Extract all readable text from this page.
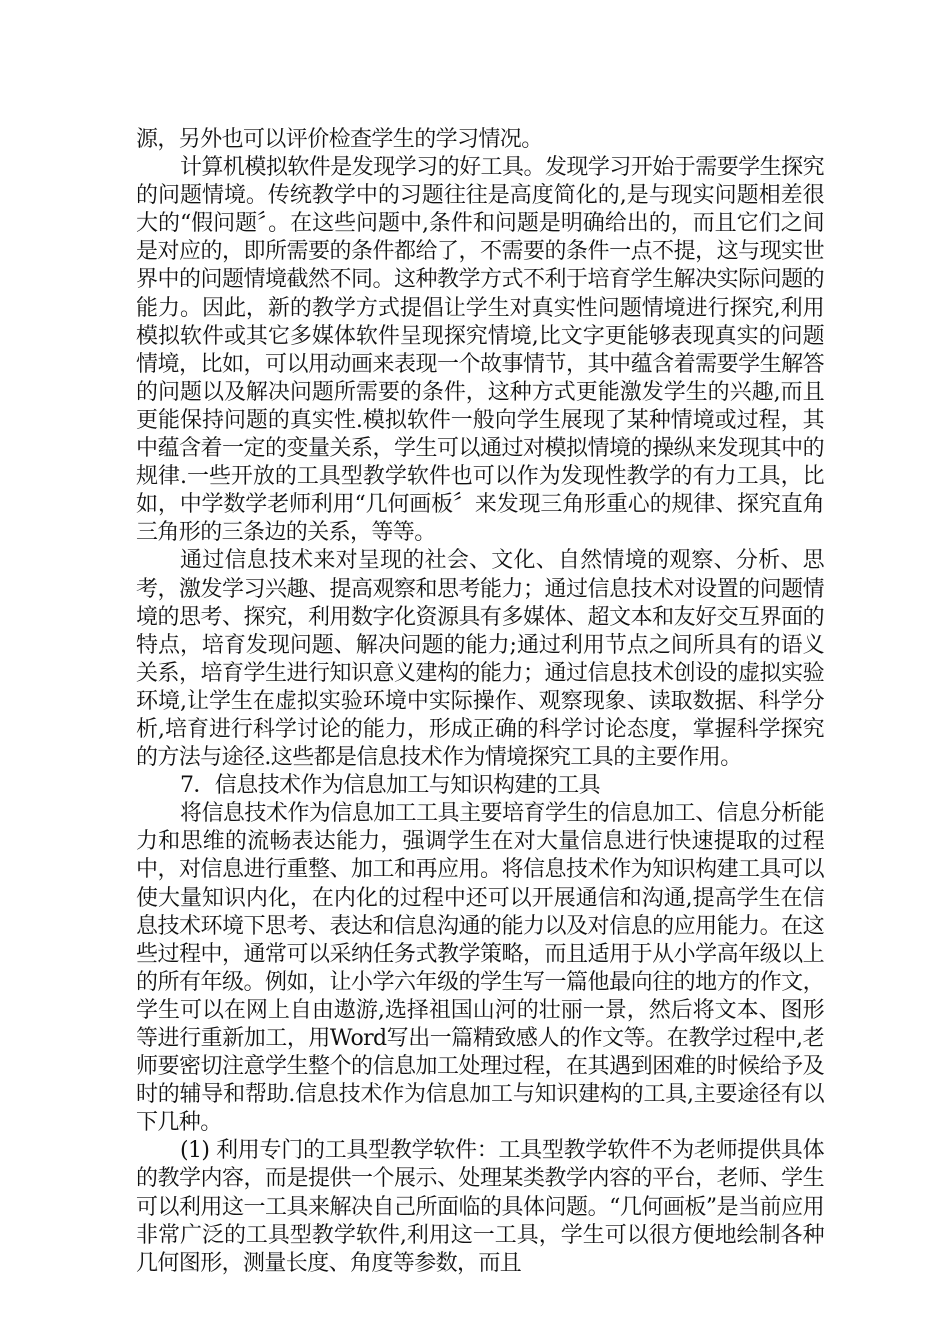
源，另外也可以评价检查学生的学习情况。

计算机模拟软件是发现学习的好工具。发现学习开始于需要学生探究的问题情境。传统教学中的习题往往是高度简化的,是与现实问题相差很大的“假问题〞。在这些问题中,条件和问题是明确给出的，而且它们之间是对应的，即所需要的条件都给了，不需要的条件一点不提，这与现实世界中的问题情境截然不同。这种教学方式不利于培育学生解决实际问题的能力。因此，新的教学方式提倡让学生对真实性问题情境进行探究,利用模拟软件或其它多媒体软件呈现探究情境,比文字更能够表现真实的问题情境，比如，可以用动画来表现一个故事情节，其中蕴含着需要学生解答的问题以及解决问题所需要的条件，这种方式更能激发学生的兴趣,而且更能保持问题的真实性.模拟软件一般向学生展现了某种情境或过程，其中蕴含着一定的变量关系，学生可以通过对模拟情境的操纵来发现其中的规律.一些开放的工具型教学软件也可以作为发现性教学的有力工具，比如，中学数学老师利用“几何画板〞来发现三角形重心的规律、探究直角三角形的三条边的关系，等等。

通过信息技术来对呈现的社会、文化、自然情境的观察、分析、思考，激发学习兴趣、提高观察和思考能力；通过信息技术对设置的问题情境的思考、探究，利用数字化资源具有多媒体、超文本和友好交互界面的特点，培育发现问题、解决问题的能力;通过利用节点之间所具有的语义关系，培育学生进行知识意义建构的能力；通过信息技术创设的虚拟实验环境,让学生在虚拟实验环境中实际操作、观察现象、读取数据、科学分析,培育进行科学讨论的能力，形成正确的科学讨论态度，掌握科学探究的方法与途径.这些都是信息技术作为情境探究工具的主要作用。

7．信息技术作为信息加工与知识构建的工具

将信息技术作为信息加工工具主要培育学生的信息加工、信息分析能力和思维的流畅表达能力，强调学生在对大量信息进行快速提取的过程中，对信息进行重整、加工和再应用。将信息技术作为知识构建工具可以使大量知识内化，在内化的过程中还可以开展通信和沟通,提高学生在信息技术环境下思考、表达和信息沟通的能力以及对信息的应用能力。在这些过程中，通常可以采纳任务式教学策略，而且适用于从小学高年级以上的所有年级。例如，让小学六年级的学生写一篇他最向往的地方的作文，学生可以在网上自由遨游,选择祖国山河的壮丽一景，然后将文本、图形等进行重新加工，用Word写出一篇精致感人的作文等。在教学过程中,老师要密切注意学生整个的信息加工处理过程，在其遇到困难的时候给予及时的辅导和帮助.信息技术作为信息加工与知识建构的工具,主要途径有以下几种。

(1) 利用专门的工具型教学软件：工具型教学软件不为老师提供具体的教学内容，而是提供一个展示、处理某类教学内容的平台，老师、学生可以利用这一工具来解决自己所面临的具体问题。“几何画板”是当前应用非常广泛的工具型教学软件,利用这一工具，学生可以很方便地绘制各种几何图形，测量长度、角度等参数，而且
